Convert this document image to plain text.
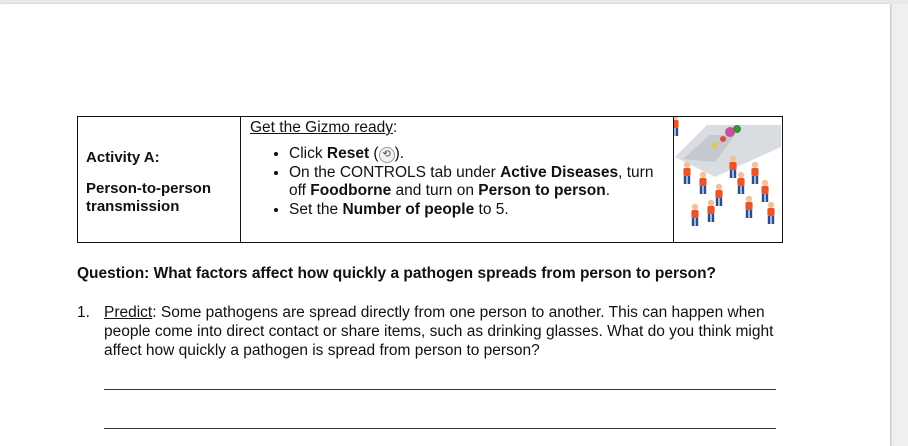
Activity A:
Person-to-person transmission

Get the Gizmo ready:
• Click Reset ( ⟲ ).
• On the CONTROLS tab under Active Diseases, turn off Foodborne and turn on Person to person.
• Set the Number of people to 5.

Question: What factors affect how quickly a pathogen spreads from person to person?
1. Predict: Some pathogens are spread directly from one person to another. This can happen when people come into direct contact or share items, such as drinking glasses. What do you think might affect how quickly a pathogen is spread from person to person?
